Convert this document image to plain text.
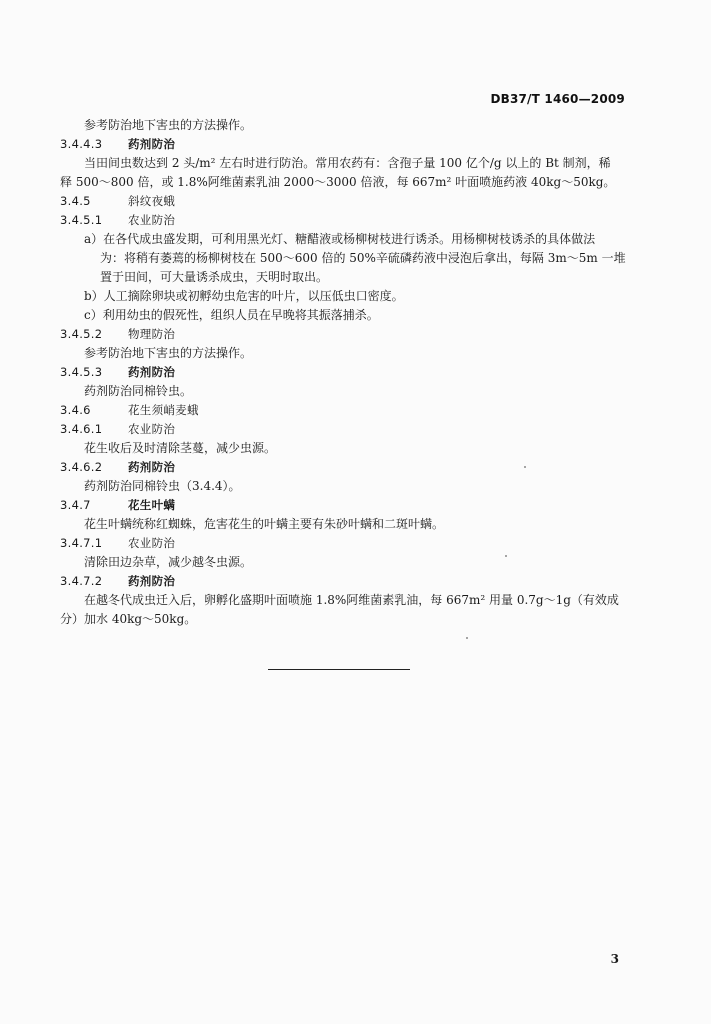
DB37/T 1460—2009
参考防治地下害虫的方法操作。
3.4.4.3 药剂防治
当田间虫数达到 2 头/m² 左右时进行防治。常用农药有：含孢子量 100 亿个/g 以上的 Bt 制剂，稀
释 500～800 倍，或 1.8%阿维菌素乳油 2000～3000 倍液，每 667m² 叶面喷施药液 40kg～50kg。
3.4.5	斜纹夜蛾
3.4.5.1 农业防治
a）在各代成虫盛发期，可利用黑光灯、糖醋液或杨柳树枝进行诱杀。用杨柳树枝诱杀的具体做法
为：将稍有萎蔫的杨柳树枝在 500～600 倍的 50%辛硫磷药液中浸泡后拿出，每隔 3m～5m 一堆
置于田间，可大量诱杀成虫，天明时取出。
b）人工摘除卵块或初孵幼虫危害的叶片，以压低虫口密度。
c）利用幼虫的假死性，组织人员在早晚将其振落捕杀。
3.4.5.2 物理防治
参考防治地下害虫的方法操作。
3.4.5.3 药剂防治
药剂防治同棉铃虫。
3.4.6	花生须峭麦蛾
3.4.6.1 农业防治
花生收后及时清除茎蔓，减少虫源。
3.4.6.2 药剂防治
药剂防治同棉铃虫（3.4.4）。
3.4.7	花生叶螨
花生叶螨统称红蜘蛛，危害花生的叶螨主要有朱砂叶螨和二斑叶螨。
3.4.7.1 农业防治
清除田边杂草，减少越冬虫源。
3.4.7.2 药剂防治
在越冬代成虫迁入后，卵孵化盛期叶面喷施 1.8%阿维菌素乳油，每 667m² 用量 0.7g～1g（有效成
分）加水 40kg～50kg。
3
